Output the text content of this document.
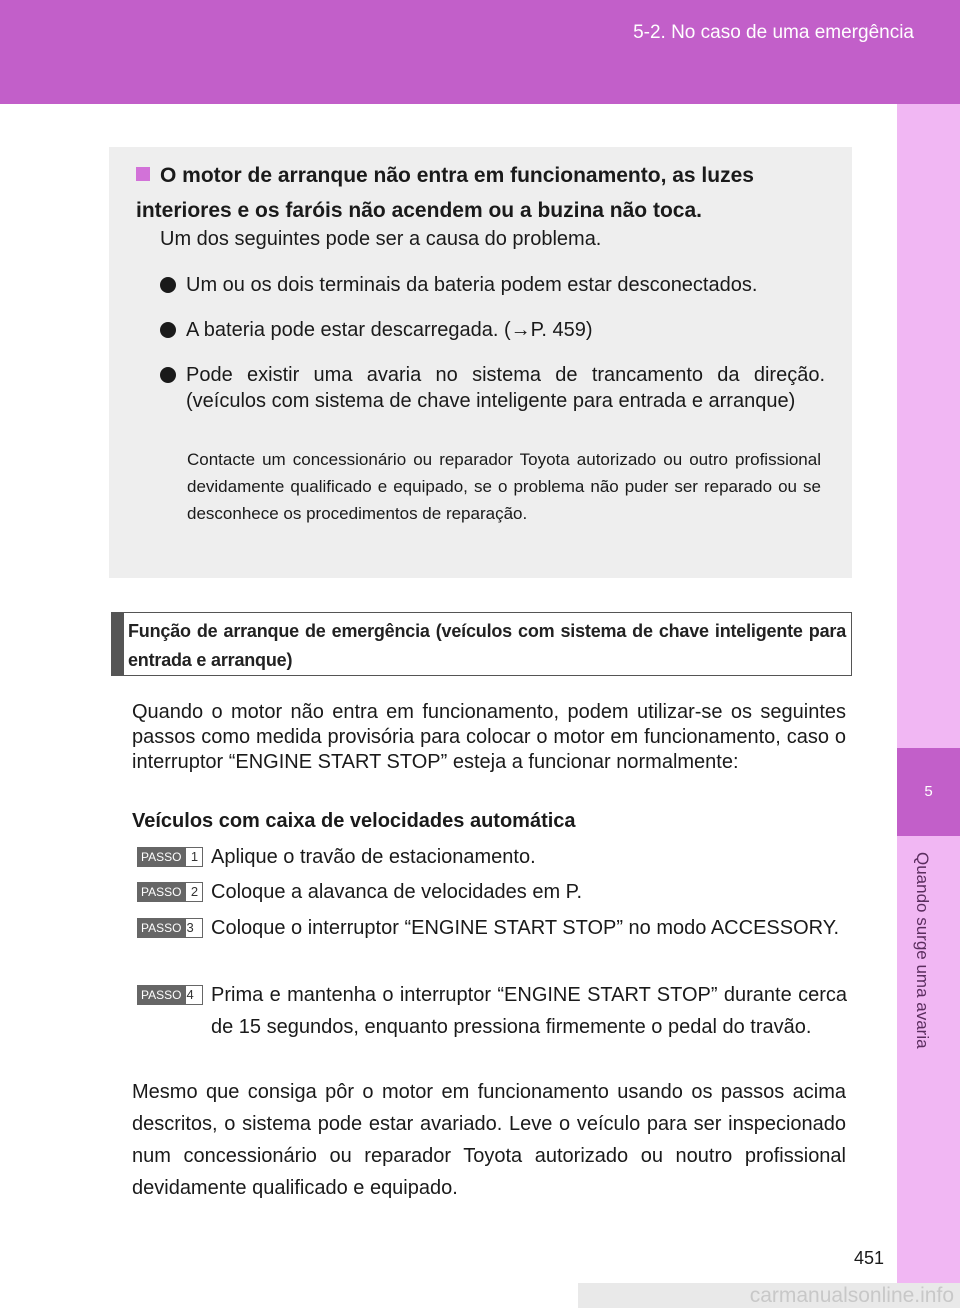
5-2. No caso de uma emergência
5
Quando surge uma avaria
O motor de arranque não entra em funcionamento, as luzes interiores e os faróis não acendem ou a buzina não toca.
Um dos seguintes pode ser a causa do problema.
Um ou os dois terminais da bateria podem estar desconectados.
A bateria pode estar descarregada. (→P. 459)
Pode existir uma avaria no sistema de trancamento da direção. (veículos com sistema de chave inteligente para entrada e arranque)
Contacte um concessionário ou reparador Toyota autorizado ou outro profissional devidamente qualificado e equipado, se o problema não puder ser reparado ou se desconhece os procedimentos de reparação.
Função de arranque de emergência (veículos com sistema de chave inteligente para entrada e arranque)
Quando o motor não entra em funcionamento, podem utilizar-se os seguintes passos como medida provisória para colocar o motor em funcionamento, caso o interruptor “ENGINE START STOP” esteja a funcionar normalmente:
Veículos com caixa de velocidades automática
PASSO 1 Aplique o travão de estacionamento.
PASSO 2 Coloque a alavanca de velocidades em P.
PASSO 3 Coloque o interruptor “ENGINE START STOP” no modo ACCESSORY.
PASSO 4 Prima e mantenha o interruptor “ENGINE START STOP” durante cerca de 15 segundos, enquanto pressiona firmemente o pedal do travão.
Mesmo que consiga pôr o motor em funcionamento usando os passos acima descritos, o sistema pode estar avariado. Leve o veículo para ser inspecionado num concessionário ou reparador Toyota autorizado ou noutro profissional devidamente qualificado e equipado.
451
carmanualsonline.info
